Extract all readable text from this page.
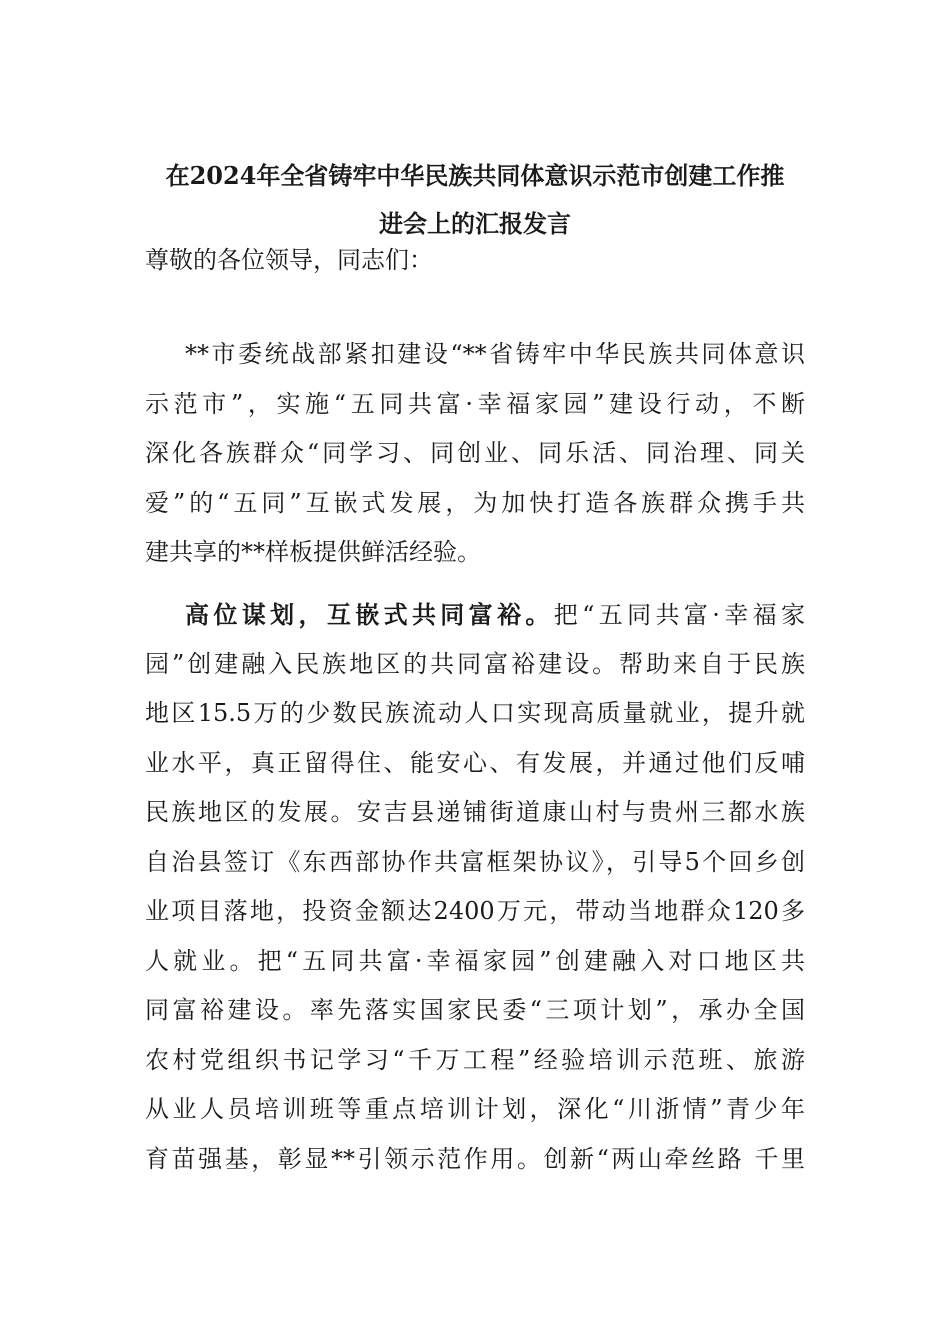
在2024年全省铸牢中华民族共同体意识示范市创建工作推
进会上的汇报发言

尊敬的各位领导，同志们：

**市委统战部紧扣建设“**省铸牢中华民族共同体意识
示范市”，实施“五同共富·幸福家园”建设行动，不断
深化各族群众“同学习、同创业、同乐活、同治理、同关
爱”的“五同”互嵌式发展，为加快打造各族群众携手共
建共享的**样板提供鲜活经验。
高位谋划，互嵌式共同富裕。把“五同共富·幸福家
园”创建融入民族地区的共同富裕建设。帮助来自于民族
地区15.5万的少数民族流动人口实现高质量就业，提升就
业水平，真正留得住、能安心、有发展，并通过他们反哺
民族地区的发展。安吉县递铺街道康山村与贵州三都水族
自治县签订《东西部协作共富框架协议》，引导5个回乡创
业项目落地，投资金额达2400万元，带动当地群众120多
人就业。把“五同共富·幸福家园”创建融入对口地区共
同富裕建设。率先落实国家民委“三项计划”，承办全国
农村党组织书记学习“千万工程”经验培训示范班、旅游
从业人员培训班等重点培训计划，深化“川浙情”青少年
育苗强基，彰显**引领示范作用。创新“两山牵丝路 千里
